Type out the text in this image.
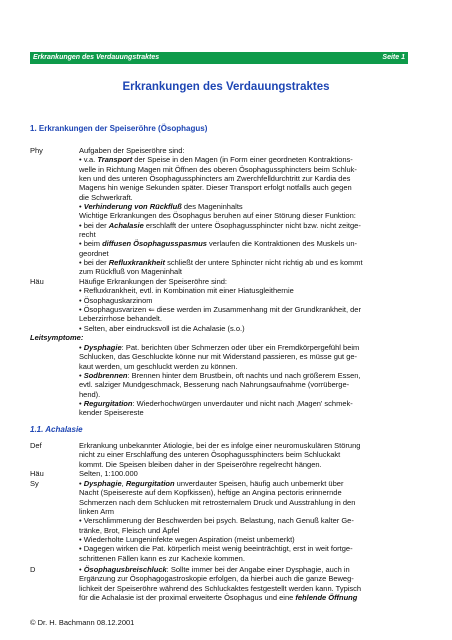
Erkrankungen des Verdauungstraktes	Seite 1
Erkrankungen des Verdauungstraktes
1. Erkrankungen der Speiseröhre (Ösophagus)
Phy	Aufgaben der Speiseröhre sind:
• v.a. Transport der Speise in den Magen (in Form einer geordneten Kontraktions-
welle in Richtung Magen mit Öffnen des oberen Ösophagussphincters beim Schluk-
ken und des unteren Ösophagussphincters am Zwerchfelldurchtritt zur Kardia des
Magens hin wenige Sekunden später. Dieser Transport erfolgt notfalls auch gegen
die Schwerkraft.
• Verhinderung von Rückfluß des Mageninhalts
Wichtige Erkrankungen des Ösophagus beruhen auf einer Störung dieser Funktion:
• bei der Achalasie erschlafft der untere Ösophagussphincter nicht bzw. nicht zeitge-
recht
• beim diffusen Ösophagusspasmus verlaufen die Kontraktionen des Muskels un-
geordnet
• bei der Refluxkrankheit schließt der untere Sphincter nicht richtig ab und es kommt
zum Rückfluß von Mageninhalt
Häu	Häufige Erkrankungen der Speiseröhre sind:
• Refluxkrankheit, evtl. in Kombination mit einer Hiatusgleithernie
• Ösophaguskarzinom
• Ösophagusvarizen ⇐ diese werden im Zusammenhang mit der Grundkrankheit, der
Leberzirrhose behandelt.
• Selten, aber eindrucksvoll ist die Achalasie (s.o.)
Leitsymptome:
• Dysphagie: Pat. berichten über Schmerzen oder über ein Fremdkörpergefühl beim
Schlucken, das Geschluckte könne nur mit Widerstand passieren, es müsse gut ge-
kaut werden, um geschluckt werden zu können.
• Sodbrennen: Brennen hinter dem Brustbein, oft nachts und nach größerem Essen,
evtl. salziger Mundgeschmack, Besserung nach Nahrungsaufnahme (vorrübergе-
hend).
• Regurgitation: Wiederhochwürgen unverdauter und nicht nach ‚Magen' schmek-
kender Speisereste
1.1. Achalasie
Def	Erkrankung unbekannter Ätiologie, bei der es infolge einer neuromuskulären Störung
nicht zu einer Erschlaffung des unteren Ösophagussphincters beim Schluckakt
kommt. Die Speisen bleiben daher in der Speiseröhre regelrecht hängen.
Häu	Selten, 1:100.000
Sy	• Dysphagie, Regurgitation unverdauter Speisen, häufig auch unbemerkt über
Nacht (Speisereste auf dem Kopfkissen), heftige an Angina pectoris erinnernde
Schmerzen nach dem Schlucken mit retrosternalem Druck und Ausstrahlung in den
linken Arm
• Verschlimmerung der Beschwerden bei psych. Belastung, nach Genuß kalter Ge-
tränke, Brot, Fleisch und Äpfel
• Wiederholte Lungeninfekte wegen Aspiration (meist unbemerkt)
• Dagegen wirken die Pat. körperlich meist wenig beeinträchtigt, erst in weit fortge-
schrittenen Fällen kann es zur Kachexie kommen.
D	• Ösophagusbreischluck: Sollte immer bei der Angabe einer Dysphagie, auch in
Ergänzung zur Ösophagogastroskopie erfolgen, da hierbei auch die ganze Beweg-
lichkeit der Speiseröhre während des Schluckaktes festgestellt werden kann. Typisch
für die Achalasie ist der proximal erweiterte Ösophagus und eine fehlende Öffnung
© Dr. H. Bachmann 08.12.2001
